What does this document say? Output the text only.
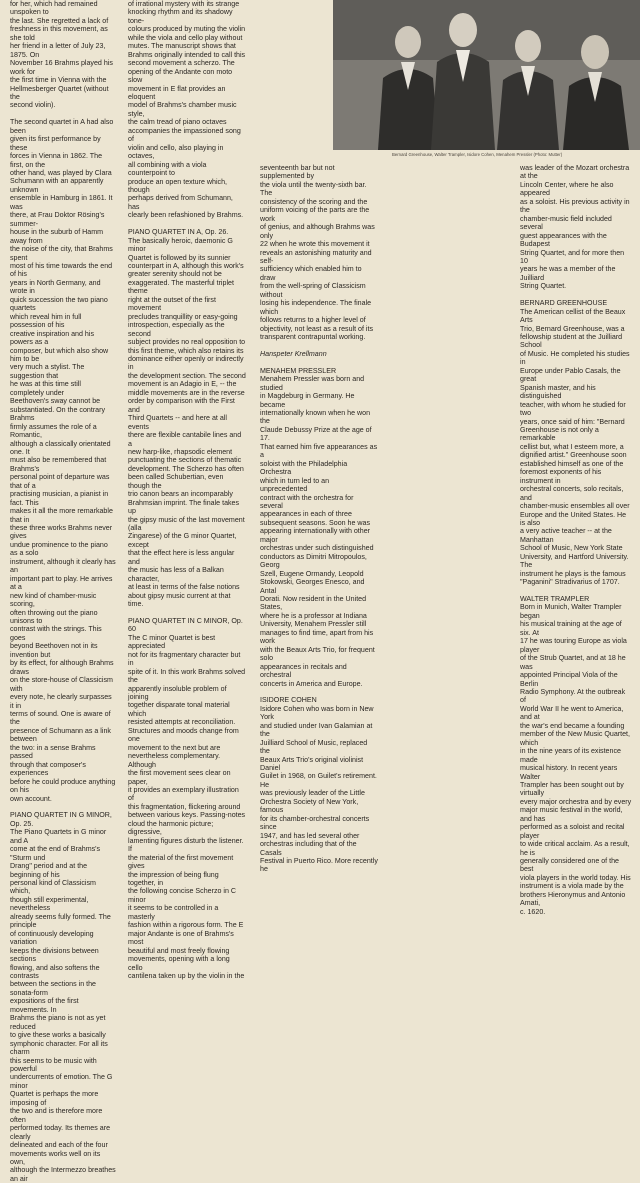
Bernard Greenhouse, Walter Trampler, Isidore Cohen, Menahem Pressler (Photo: Mutter)

for her, which had remained unspoken to
the last. She regretted a lack of
freshness in this movement, as she told
her friend in a letter of July 23, 1875. On
November 16 Brahms played his work for
the first time in Vienna with the
Hellmesberger Quartet (without the
second violin).

The second quartet in A had also been
given its first performance by these
forces in Vienna in 1862. The first, on the
other hand, was played by Clara
Schumann with an apparently unknown
ensemble in Hamburg in 1861. It was
there, at Frau Doktor Rösing's summer-
house in the suburb of Hamm away from
the noise of the city, that Brahms spent
most of his time towards the end of his
years in North Germany, and wrote in
quick succession the two piano quartets
which reveal him in full possession of his
creative inspiration and his powers as a
composer, but which also show him to be
very much a stylist. The suggestion that
he was at this time still completely under
Beethoven's sway cannot be
substantiated. On the contrary Brahms
firmly assumes the role of a Romantic,
although a classically orientated one. It
must also be remembered that Brahms's
personal point of departure was that of a
practising musician, a pianist in fact. This
makes it all the more remarkable that in
these three works Brahms never gives
undue prominence to the piano as a solo
instrument, although it clearly has an
important part to play. He arrives at a
new kind of chamber-music scoring,
often throwing out the piano unisons to
contrast with the strings. This goes
beyond Beethoven not in its invention but
by its effect, for although Brahms draws
on the store-house of Classicism with
every note, he clearly surpasses it in
terms of sound. One is aware of the
presence of Schumann as a link between
the two: in a sense Brahms passed
through that composer's experiences
before he could produce anything on his
own account.

PIANO QUARTET IN G MINOR, Op. 25.

The Piano Quartets in G minor and A
come at the end of Brahms's "Sturm und
Drang" period and at the beginning of his
personal kind of Classicism which,
though still experimental, nevertheless
already seems fully formed. The principle
of continuously developing variation
keeps the divisions between sections
flowing, and also softens the contrasts
between the sections in the sonata-form
expositions of the first movements. In
Brahms the piano is not as yet reduced
to give these works a basically
symphonic character. For all its charm
this seems to be music with powerful
undercurrents of emotion. The G minor
Quartet is perhaps the more imposing of
the two and is therefore more often
performed today. Its themes are clearly
delineated and each of the four
movements works well on its own,
although the Intermezzo breathes an air

of irrational mystery with its strange
knocking rhythm and its shadowy tone-
colours produced by muting the violin
while the viola and cello play without
mutes. The manuscript shows that
Brahms originally intended to call this
second movement a scherzo. The
opening of the Andante con moto slow
movement in E flat provides an eloquent
model of Brahms's chamber music style,
the calm tread of piano octaves
accompanies the impassioned song of
violin and cello, also playing in octaves,
all combining with a viola counterpoint to
produce an open texture which, though
perhaps derived from Schumann, has
clearly been refashioned by Brahms.

PIANO QUARTET IN A, Op. 26.

The basically heroic, daemonic G minor
Quartet is followed by its sunnier
counterpart in A, although this work's
greater serenity should not be
exaggerated. The masterful triplet theme
right at the outset of the first movement
precludes tranquillity or easy-going
introspection, especially as the second
subject provides no real opposition to
this first theme, which also retains its
dominance either openly or indirectly in
the development section. The second
movement is an Adagio in E, -- the
middle movements are in the reverse
order by comparison with the First and
Third Quartets -- and here at all events
there are flexible cantabile lines and a
new harp-like, rhapsodic element
punctuating the sections of thematic
development. The Scherzo has often
been called Schubertian, even though the
trio canon bears an incomparably
Brahmsian imprint. The finale takes up
the gipsy music of the last movement (alla
Zingarese) of the G minor Quartet, except
that the effect here is less angular and
the music has less of a Balkan character,
at least in terms of the false notions
about gipsy music current at that time.

PIANO QUARTET IN C MINOR, Op. 60

The C minor Quartet is best appreciated
not for its fragmentary character but in
spite of it. In this work Brahms solved the
apparently insoluble problem of joining
together disparate tonal material which
resisted attempts at reconciliation.
Structures and moods change from one
movement to the next but are
nevertheless complementary. Although
the first movement sees clear on paper,
it provides an exemplary illustration of
this fragmentation, flickering around
between various keys. Passing-notes
cloud the harmonic picture; digressive,
lamenting figures disturb the listener. If
the material of the first movement gives
the impression of being flung together, in
the following concise Scherzo in C minor
it seems to be controlled in a masterly
fashion within a rigorous form. The E
major Andante is one of Brahms's most
beautiful and most freely flowing
movements, opening with a long cello
cantilena taken up by the violin in the

seventeenth bar but not supplemented by
the viola until the twenty-sixth bar. The
consistency of the scoring and the
uniform voicing of the parts are the work
of genius, and although Brahms was only
22 when he wrote this movement it
reveals an astonishing maturity and self-
sufficiency which enabled him to draw
from the well-spring of Classicism without
losing his independence. The finale which
follows returns to a higher level of
objectivity, not least as a result of its
transparent contrapuntal working.

Hanspeter Krellmann

MENAHEM PRESSLER

Menahem Pressler was born and studied
in Magdeburg in Germany. He became
internationally known when he won the
Claude Debussy Prize at the age of 17.
That earned him five appearances as a
soloist with the Philadelphia Orchestra
which in turn led to an unprecedented
contract with the orchestra for several
appearances in each of three
subsequent seasons. Soon he was
appearing internationally with other major
orchestras under such distinguished
conductors as Dimitri Mitropoulos, Georg
Szell, Eugene Ormandy, Leopold
Stokowski, Georges Enesco, and Antal
Dorati. Now resident in the United States,
where he is a professor at Indiana
University, Menahem Pressler still
manages to find time, apart from his work
with the Beaux Arts Trio, for frequent solo
appearances in recitals and orchestral
concerts in America and Europe.

ISIDORE COHEN

Isidore Cohen who was born in New York
and studied under Ivan Galamian at the
Juilliard School of Music, replaced the
Beaux Arts Trio's original violinist Daniel
Guilet in 1968, on Guilet's retirement. He
was previously leader of the Little
Orchestra Society of New York, famous
for its chamber-orchestral concerts since
1947, and has led several other
orchestras including that of the Casals
Festival in Puerto Rico. More recently he

was leader of the Mozart orchestra at the
Lincoln Center, where he also appeared
as a soloist. His previous activity in the
chamber-music field included several
guest appearances with the Budapest
String Quartet, and for more then 10
years he was a member of the Juilliard
String Quartet.

BERNARD GREENHOUSE

The American cellist of the Beaux Arts
Trio, Bernard Greenhouse, was a
fellowship student at the Juilliard School
of Music. He completed his studies in
Europe under Pablo Casals, the great
Spanish master, and his distinguished
teacher, with whom he studied for two
years, once said of him: "Bernard
Greenhouse is not only a remarkable
cellist but, what I esteem more, a
dignified artist." Greenhouse soon
established himself as one of the
foremost exponents of his instrument in
orchestral concerts, solo recitals, and
chamber-music ensembles all over
Europe and the United States. He is also
a very active teacher -- at the Manhattan
School of Music, New York State
University, and Hartford University. The
instrument he plays is the famous
"Paganini" Stradivarius of 1707.

WALTER TRAMPLER

Born in Munich, Walter Trampler began
his musical training at the age of six. At
17 he was touring Europe as viola player
of the Strub Quartet, and at 18 he was
appointed Principal Viola of the Berlin
Radio Symphony. At the outbreak of
World War II he went to America, and at
the war's end became a founding
member of the New Music Quartet, which
in the nine years of its existence made
musical history. In recent years Walter
Trampler has been sought out by virtually
every major orchestra and by every
major music festival in the world, and has
performed as a soloist and recital player
to wide critical acclaim. As a result, he is
generally considered one of the best
viola players in the world today. His
instrument is a viola made by the
brothers Hieronymus and Antonio Amati,
c. 1620.
